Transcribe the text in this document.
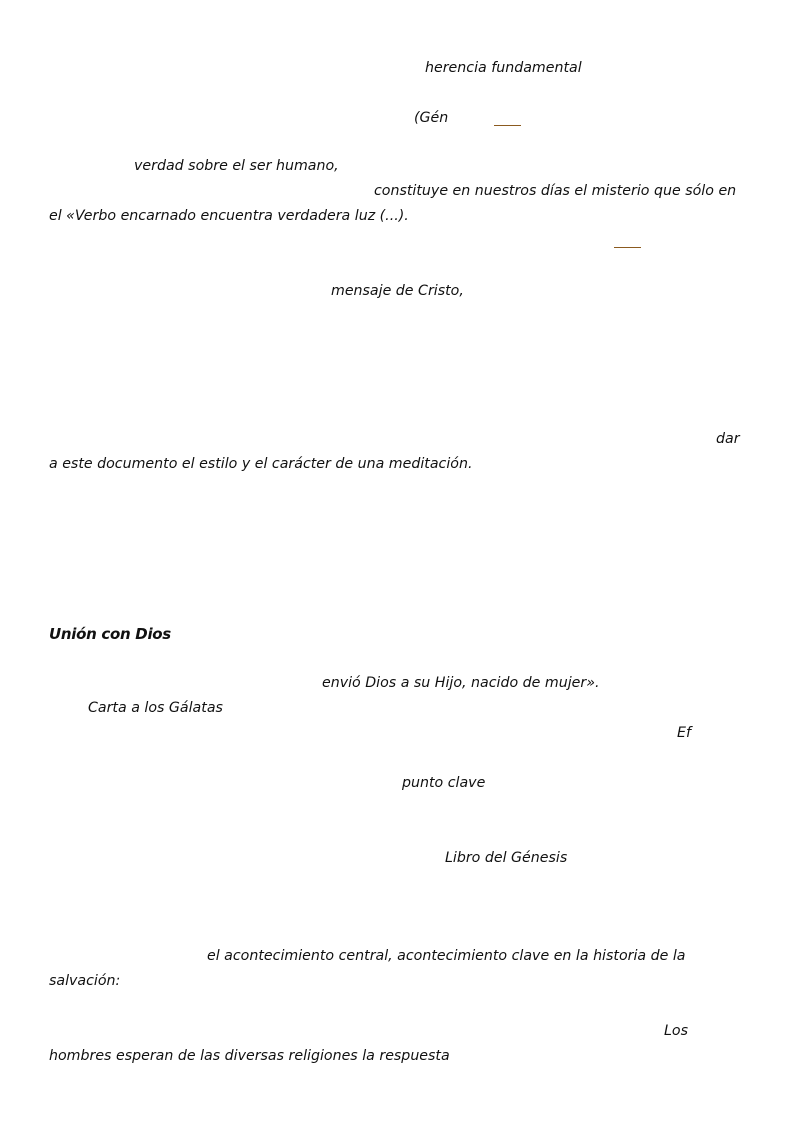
herencia fundamental
(Gén
verdad sobre el ser humano,
constituye en nuestros días el misterio que sólo en
el «Verbo encarnado encuentra verdadera luz (...).
mensaje de Cristo,
dar
a este documento el estilo y el carácter de una meditación.
Unión con Dios
envió Dios a su Hijo, nacido de mujer».
Carta a los Gálatas
Ef
punto clave
Libro del Génesis
el acontecimiento central, acontecimiento clave en la historia de la
salvación:
Los
hombres esperan de las diversas religiones la respuesta
